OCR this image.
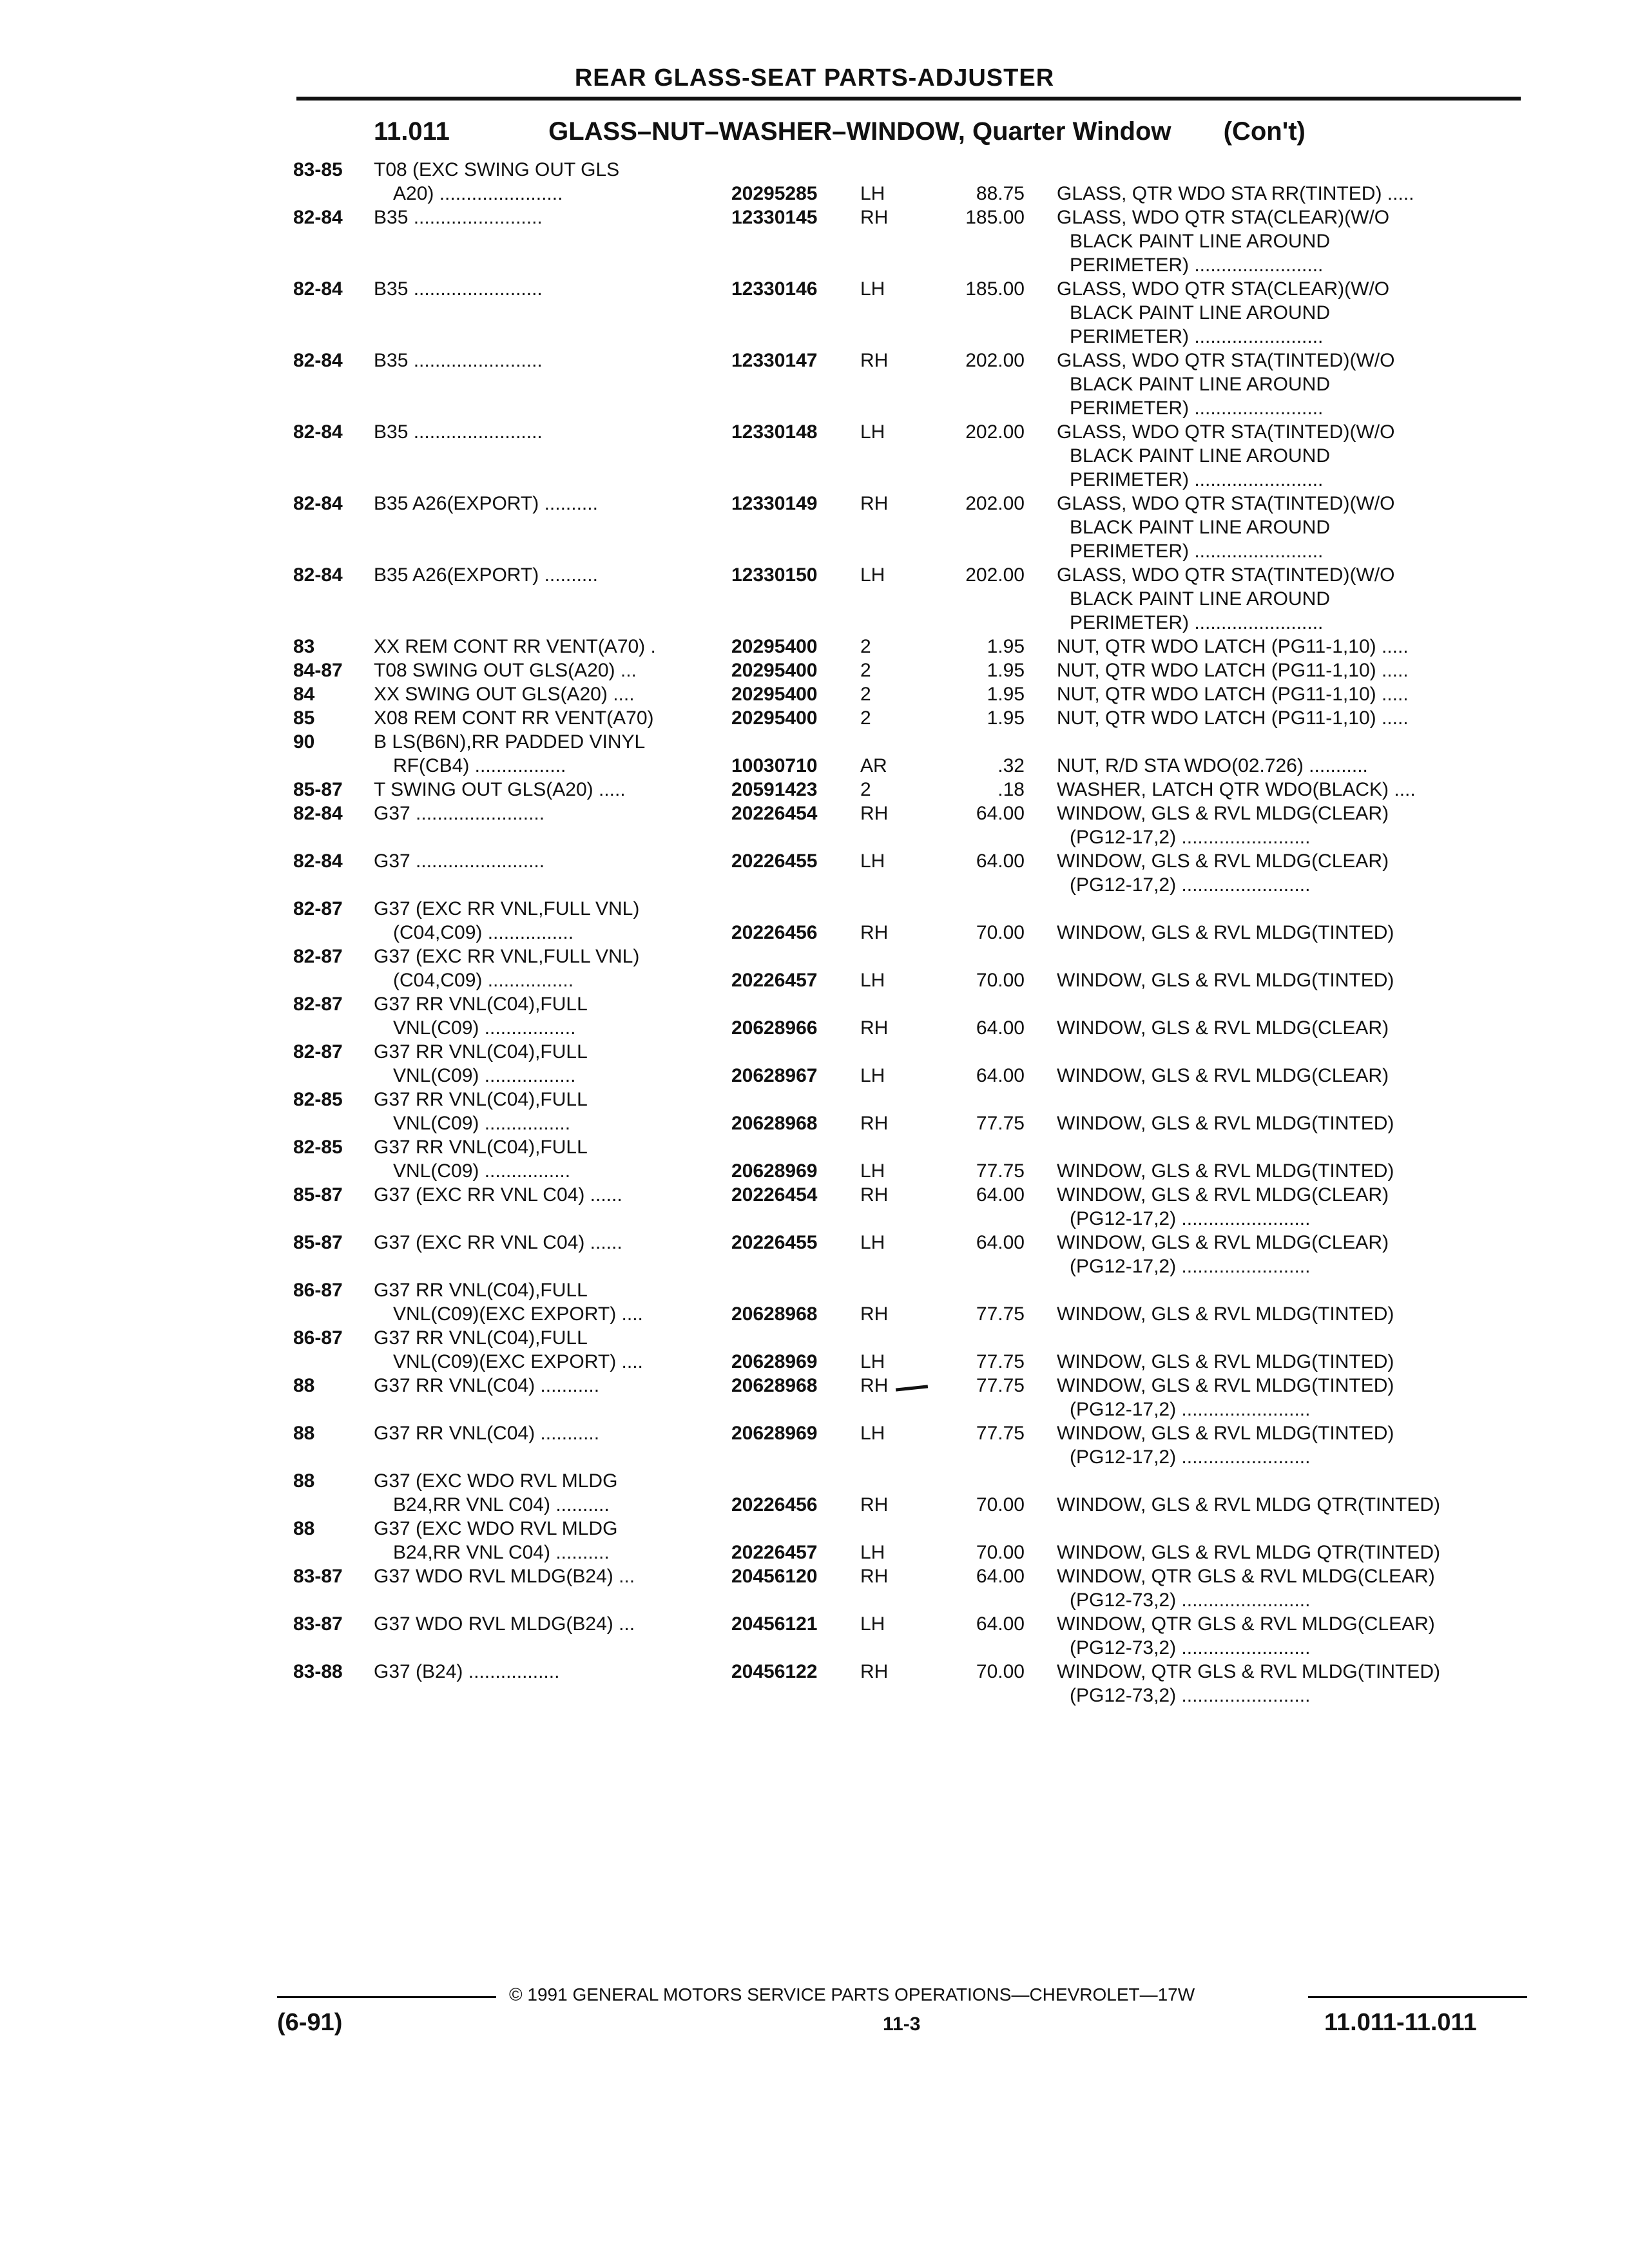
REAR GLASS-SEAT PARTS-ADJUSTER
11.011	GLASS–NUT–WASHER–WINDOW, Quarter Window (Con't)
83-85 T08 (EXC SWING OUT GLS
A20) .......................	20295285 LH	88.75 GLASS, QTR WDO STA RR(TINTED) .....
82-84 B35 ........................	12330145 RH	185.00 GLASS, WDO QTR STA(CLEAR)(W/O
BLACK PAINT LINE AROUND
PERIMETER) ........................
82-84 B35 ........................	12330146 LH	185.00 GLASS, WDO QTR STA(CLEAR)(W/O
BLACK PAINT LINE AROUND
PERIMETER) ........................
82-84 B35 ........................	12330147 RH	202.00 GLASS, WDO QTR STA(TINTED)(W/O
BLACK PAINT LINE AROUND
PERIMETER) ........................
82-84 B35 ........................	12330148 LH	202.00 GLASS, WDO QTR STA(TINTED)(W/O
BLACK PAINT LINE AROUND
PERIMETER) ........................
82-84 B35 A26(EXPORT) ..........	12330149 RH	202.00 GLASS, WDO QTR STA(TINTED)(W/O
BLACK PAINT LINE AROUND
PERIMETER) ........................
82-84 B35 A26(EXPORT) ..........	12330150 LH	202.00 GLASS, WDO QTR STA(TINTED)(W/O
BLACK PAINT LINE AROUND
PERIMETER) ........................
83	XX REM CONT RR VENT(A70) .	20295400 2	1.95 NUT, QTR WDO LATCH (PG11-1,10) .....
84-87 T08 SWING OUT GLS(A20) ...	20295400 2	1.95 NUT, QTR WDO LATCH (PG11-1,10) .....
84	XX SWING OUT GLS(A20) ....	20295400 2	1.95 NUT, QTR WDO LATCH (PG11-1,10) .....
85	X08 REM CONT RR VENT(A70)	20295400 2	1.95 NUT, QTR WDO LATCH (PG11-1,10) .....
90	B LS(B6N),RR PADDED VINYL
RF(CB4) .................	10030710 AR	.32 NUT, R/D STA WDO(02.726) ...........
85-87 T SWING OUT GLS(A20) .....	20591423 2	.18 WASHER, LATCH QTR WDO(BLACK) ....
82-84 G37 ........................	20226454 RH	64.00 WINDOW, GLS & RVL MLDG(CLEAR)
(PG12-17,2) ........................
82-84 G37 ........................	20226455 LH	64.00 WINDOW, GLS & RVL MLDG(CLEAR)
(PG12-17,2) ........................
82-87 G37 (EXC RR VNL,FULL VNL)
(C04,C09) ................	20226456 RH	70.00 WINDOW, GLS & RVL MLDG(TINTED)
82-87 G37 (EXC RR VNL,FULL VNL)
(C04,C09) ................	20226457 LH	70.00 WINDOW, GLS & RVL MLDG(TINTED)
82-87 G37 RR VNL(C04),FULL
VNL(C09) .................	20628966 RH	64.00 WINDOW, GLS & RVL MLDG(CLEAR)
82-87 G37 RR VNL(C04),FULL
VNL(C09) .................	20628967 LH	64.00 WINDOW, GLS & RVL MLDG(CLEAR)
82-85 G37 RR VNL(C04),FULL
VNL(C09) ................	20628968 RH	77.75 WINDOW, GLS & RVL MLDG(TINTED)
82-85 G37 RR VNL(C04),FULL
VNL(C09) ................	20628969 LH	77.75 WINDOW, GLS & RVL MLDG(TINTED)
85-87 G37 (EXC RR VNL C04) ......	20226454 RH	64.00 WINDOW, GLS & RVL MLDG(CLEAR)
(PG12-17,2) ........................
85-87 G37 (EXC RR VNL C04) ......	20226455 LH	64.00 WINDOW, GLS & RVL MLDG(CLEAR)
(PG12-17,2) ........................
86-87 G37 RR VNL(C04),FULL
VNL(C09)(EXC EXPORT) ....	20628968 RH	77.75 WINDOW, GLS & RVL MLDG(TINTED)
86-87 G37 RR VNL(C04),FULL
VNL(C09)(EXC EXPORT) ....	20628969 LH	77.75 WINDOW, GLS & RVL MLDG(TINTED)
88	G37 RR VNL(C04) ...........	20628968 RH	77.75 WINDOW, GLS & RVL MLDG(TINTED)
(PG12-17,2) ........................
88	G37 RR VNL(C04) ...........	20628969 LH	77.75 WINDOW, GLS & RVL MLDG(TINTED)
(PG12-17,2) ........................
88	G37 (EXC WDO RVL MLDG
B24,RR VNL C04) ..........	20226456 RH	70.00 WINDOW, GLS & RVL MLDG QTR(TINTED)
88	G37 (EXC WDO RVL MLDG
B24,RR VNL C04) ..........	20226457 LH	70.00 WINDOW, GLS & RVL MLDG QTR(TINTED)
83-87 G37 WDO RVL MLDG(B24) ...	20456120 RH	64.00 WINDOW, QTR GLS & RVL MLDG(CLEAR)
(PG12-73,2) ........................
83-87 G37 WDO RVL MLDG(B24) ...	20456121 LH	64.00 WINDOW, QTR GLS & RVL MLDG(CLEAR)
(PG12-73,2) ........................
83-88 G37 (B24) .................	20456122 RH	70.00 WINDOW, QTR GLS & RVL MLDG(TINTED)
(PG12-73,2) ........................
© 1991 GENERAL MOTORS SERVICE PARTS OPERATIONS—CHEVROLET—17W
(6-91)	11-3	11.011-11.011
